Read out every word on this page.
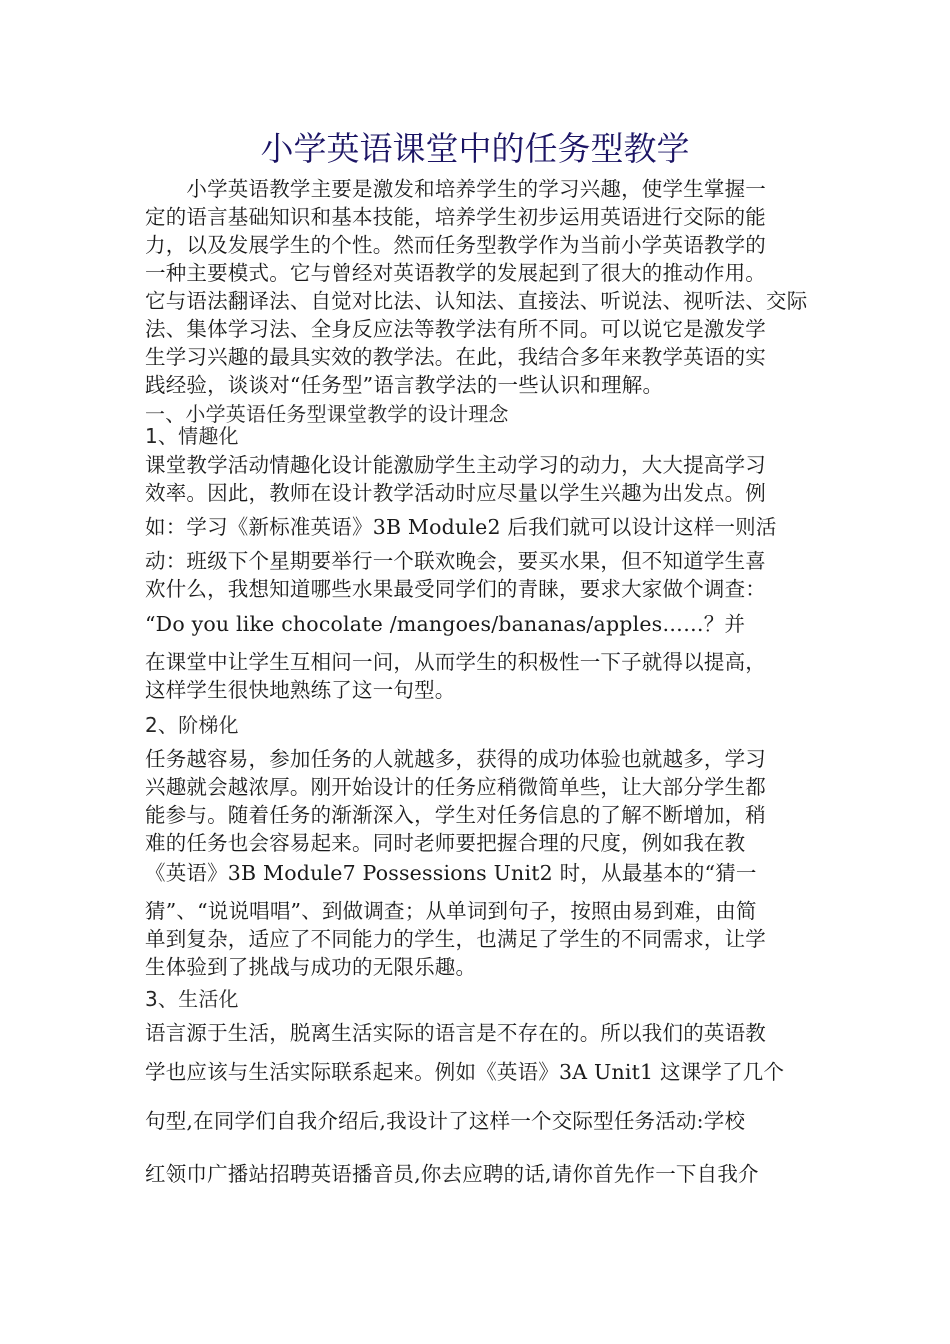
小学英语课堂中的任务型教学
　　小学英语教学主要是激发和培养学生的学习兴趣，使学生掌握一
定的语言基础知识和基本技能，培养学生初步运用英语进行交际的能
力，以及发展学生的个性。然而任务型教学作为当前小学英语教学的
一种主要模式。它与曾经对英语教学的发展起到了很大的推动作用。
它与语法翻译法、自觉对比法、认知法、直接法、听说法、视听法、交际
法、集体学习法、全身反应法等教学法有所不同。可以说它是激发学
生学习兴趣的最具实效的教学法。在此，我结合多年来教学英语的实
践经验，谈谈对“任务型”语言教学法的一些认识和理解。
一、小学英语任务型课堂教学的设计理念
1、情趣化
课堂教学活动情趣化设计能激励学生主动学习的动力，大大提高学习
效率。因此，教师在设计教学活动时应尽量以学生兴趣为出发点。例
如：学习《新标准英语》3B Module2 后我们就可以设计这样一则活
动：班级下个星期要举行一个联欢晚会，要买水果，但不知道学生喜
欢什么，我想知道哪些水果最受同学们的青睐，要求大家做个调查：
“Do you like chocolate /mangoes/bananas/apples……？并
在课堂中让学生互相问一问，从而学生的积极性一下子就得以提高，
这样学生很快地熟练了这一句型。
2、阶梯化
任务越容易，参加任务的人就越多，获得的成功体验也就越多，学习
兴趣就会越浓厚。刚开始设计的任务应稍微简单些，让大部分学生都
能参与。随着任务的渐渐深入，学生对任务信息的了解不断增加，稍
难的任务也会容易起来。同时老师要把握合理的尺度，例如我在教
《英语》3B Module7 Possessions Unit2 时，从最基本的“猜一
猜”、“说说唱唱”、到做调查；从单词到句子，按照由易到难，由简
单到复杂，适应了不同能力的学生，也满足了学生的不同需求，让学
生体验到了挑战与成功的无限乐趣。
3、生活化
语言源于生活，脱离生活实际的语言是不存在的。所以我们的英语教
学也应该与生活实际联系起来。例如《英语》3A Unit1 这课学了几个
句型,在同学们自我介绍后,我设计了这样一个交际型任务活动:学校
红领巾广播站招聘英语播音员,你去应聘的话,请你首先作一下自我介
